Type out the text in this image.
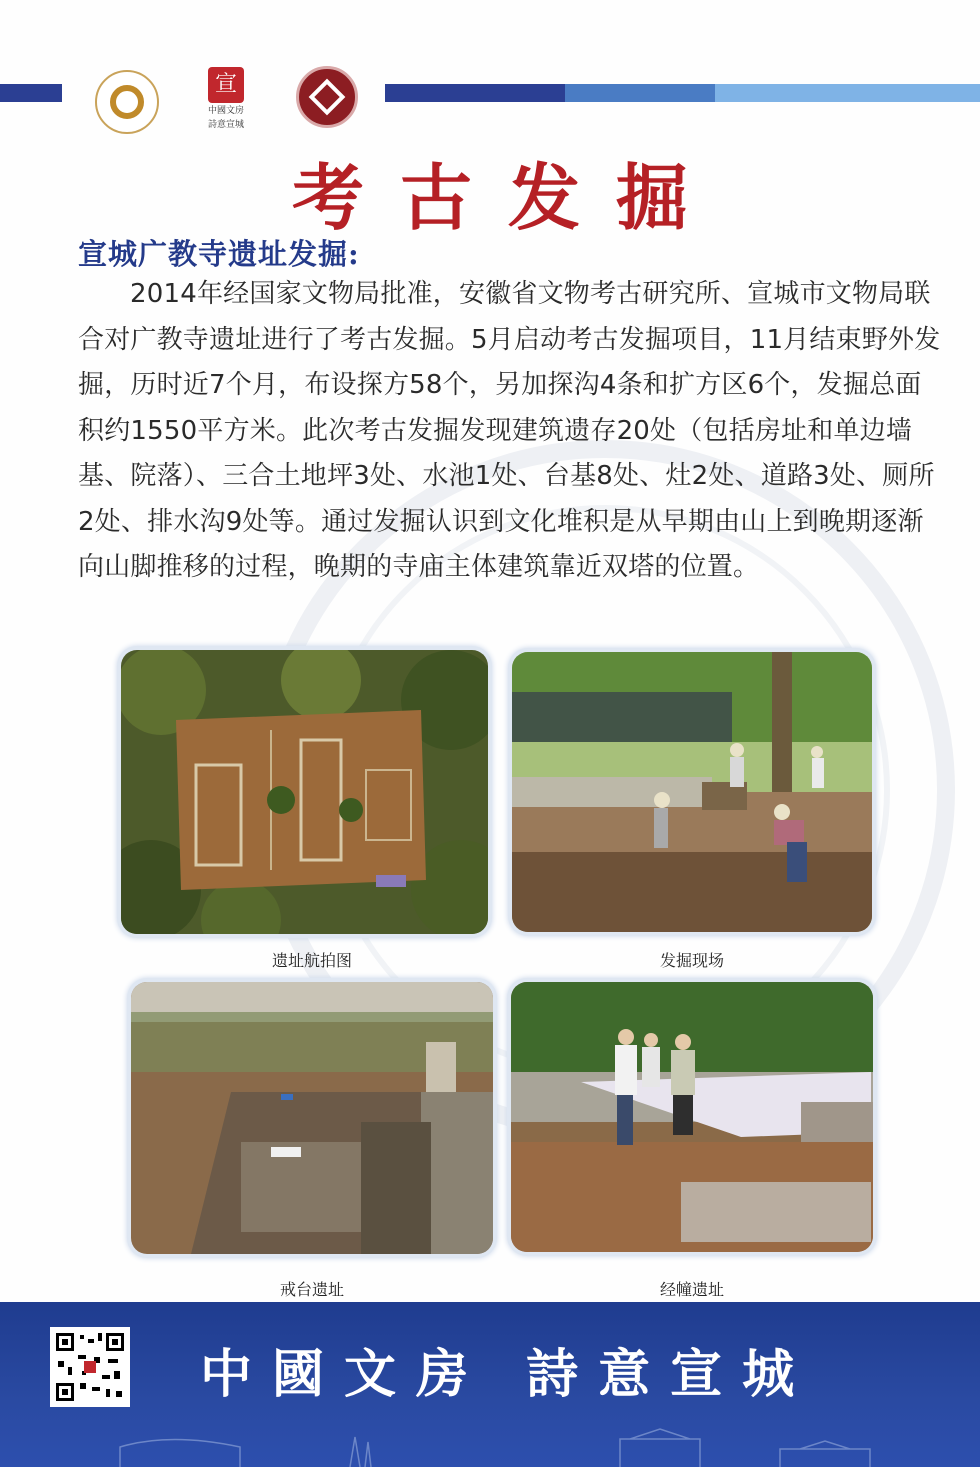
宣
中國文房
詩意宣城
考古发掘
宣城广教寺遗址发掘:
2014年经国家文物局批准，安徽省文物考古研究所、宣城市文物局联合对广教寺遗址进行了考古发掘。5月启动考古发掘项目，11月结束野外发掘，历时近7个月，布设探方58个，另加探沟4条和扩方区6个，发掘总面积约1550平方米。此次考古发掘发现建筑遗存20处（包括房址和单边墙基、院落）、三合土地坪3处、水池1处、台基8处、灶2处、道路3处、厕所2处、排水沟9处等。通过发掘认识到文化堆积是从早期由山上到晚期逐渐向山脚推移的过程，晚期的寺庙主体建筑靠近双塔的位置。
遗址航拍图	发掘现场
戒台遗址	经幢遗址
中國文房 詩意宣城
